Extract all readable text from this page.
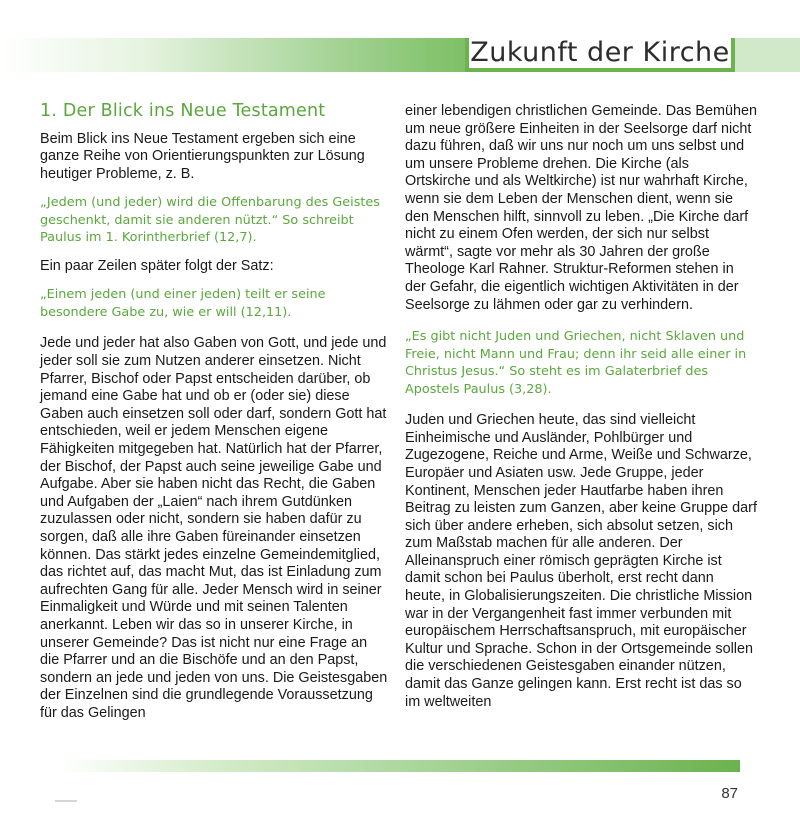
Zukunft der Kirche
1. Der Blick ins Neue Testament

Beim Blick ins Neue Testament ergeben sich eine ganze Reihe von Orientierungspunkten zur Lösung heutiger Probleme, z. B.

„Jedem (und jeder) wird die Offenbarung des Geistes geschenkt, damit sie anderen nützt.“ So schreibt Paulus im 1. Korintherbrief (12,7).

Ein paar Zeilen später folgt der Satz:

„Einem jeden (und einer jeden) teilt er seine besondere Gabe zu, wie er will (12,11).

Jede und jeder hat also Gaben von Gott, und jede und jeder soll sie zum Nutzen anderer einsetzen. Nicht Pfarrer, Bischof oder Papst entscheiden darüber, ob jemand eine Gabe hat und ob er (oder sie) diese Gaben auch einsetzen soll oder darf, sondern Gott hat entschieden, weil er jedem Menschen eigene Fähigkeiten mitgegeben hat. Natürlich hat der Pfarrer, der Bischof, der Papst auch seine jeweilige Gabe und Aufgabe. Aber sie haben nicht das Recht, die Gaben und Aufgaben der „Laien“ nach ihrem Gutdünken zuzulassen oder nicht, sondern sie haben dafür zu sorgen, daß alle ihre Gaben füreinander einsetzen können. Das stärkt jedes einzelne Gemeindemitglied, das richtet auf, das macht Mut, das ist Einladung zum aufrechten Gang für alle. Jeder Mensch wird in seiner Einmaligkeit und Würde und mit seinen Talenten anerkannt. Leben wir das so in unserer Kirche, in unserer Gemeinde? Das ist nicht nur eine Frage an die Pfarrer und an die Bischöfe und an den Papst, sondern an jede und jeden von uns. Die Geistesgaben der Einzelnen sind die grundlegende Voraussetzung für das Gelingen

einer lebendigen christlichen Gemeinde. Das Bemühen um neue größere Einheiten in der Seelsorge darf nicht dazu führen, daß wir uns nur noch um uns selbst und um unsere Probleme drehen. Die Kirche (als Ortskirche und als Weltkirche) ist nur wahrhaft Kirche, wenn sie dem Leben der Menschen dient, wenn sie den Menschen hilft, sinnvoll zu leben. „Die Kirche darf nicht zu einem Ofen werden, der sich nur selbst wärmt“, sagte vor mehr als 30 Jahren der große Theologe Karl Rahner. Struktur-Reformen stehen in der Gefahr, die eigentlich wichtigen Aktivitäten in der Seelsorge zu lähmen oder gar zu verhindern.

„Es gibt nicht Juden und Griechen, nicht Sklaven und Freie, nicht Mann und Frau; denn ihr seid alle einer in Christus Jesus.“ So steht es im Galaterbrief des Apostels Paulus (3,28).

Juden und Griechen heute, das sind vielleicht Einheimische und Ausländer, Pohlbürger und Zugezogene, Reiche und Arme, Weiße und Schwarze, Europäer und Asiaten usw. Jede Gruppe, jeder Kontinent, Menschen jeder Hautfarbe haben ihren Beitrag zu leisten zum Ganzen, aber keine Gruppe darf sich über andere erheben, sich absolut setzen, sich zum Maßstab machen für alle anderen. Der Alleinanspruch einer römisch geprägten Kirche ist damit schon bei Paulus überholt, erst recht dann heute, in Globalisierungszeiten. Die christliche Mission war in der Vergangenheit fast immer verbunden mit europäischem Herrschaftsanspruch, mit europäischer Kultur und Sprache. Schon in der Ortsgemeinde sollen die verschiedenen Geistesgaben einander nützen, damit das Ganze gelingen kann. Erst recht ist das so im weltweiten

87
